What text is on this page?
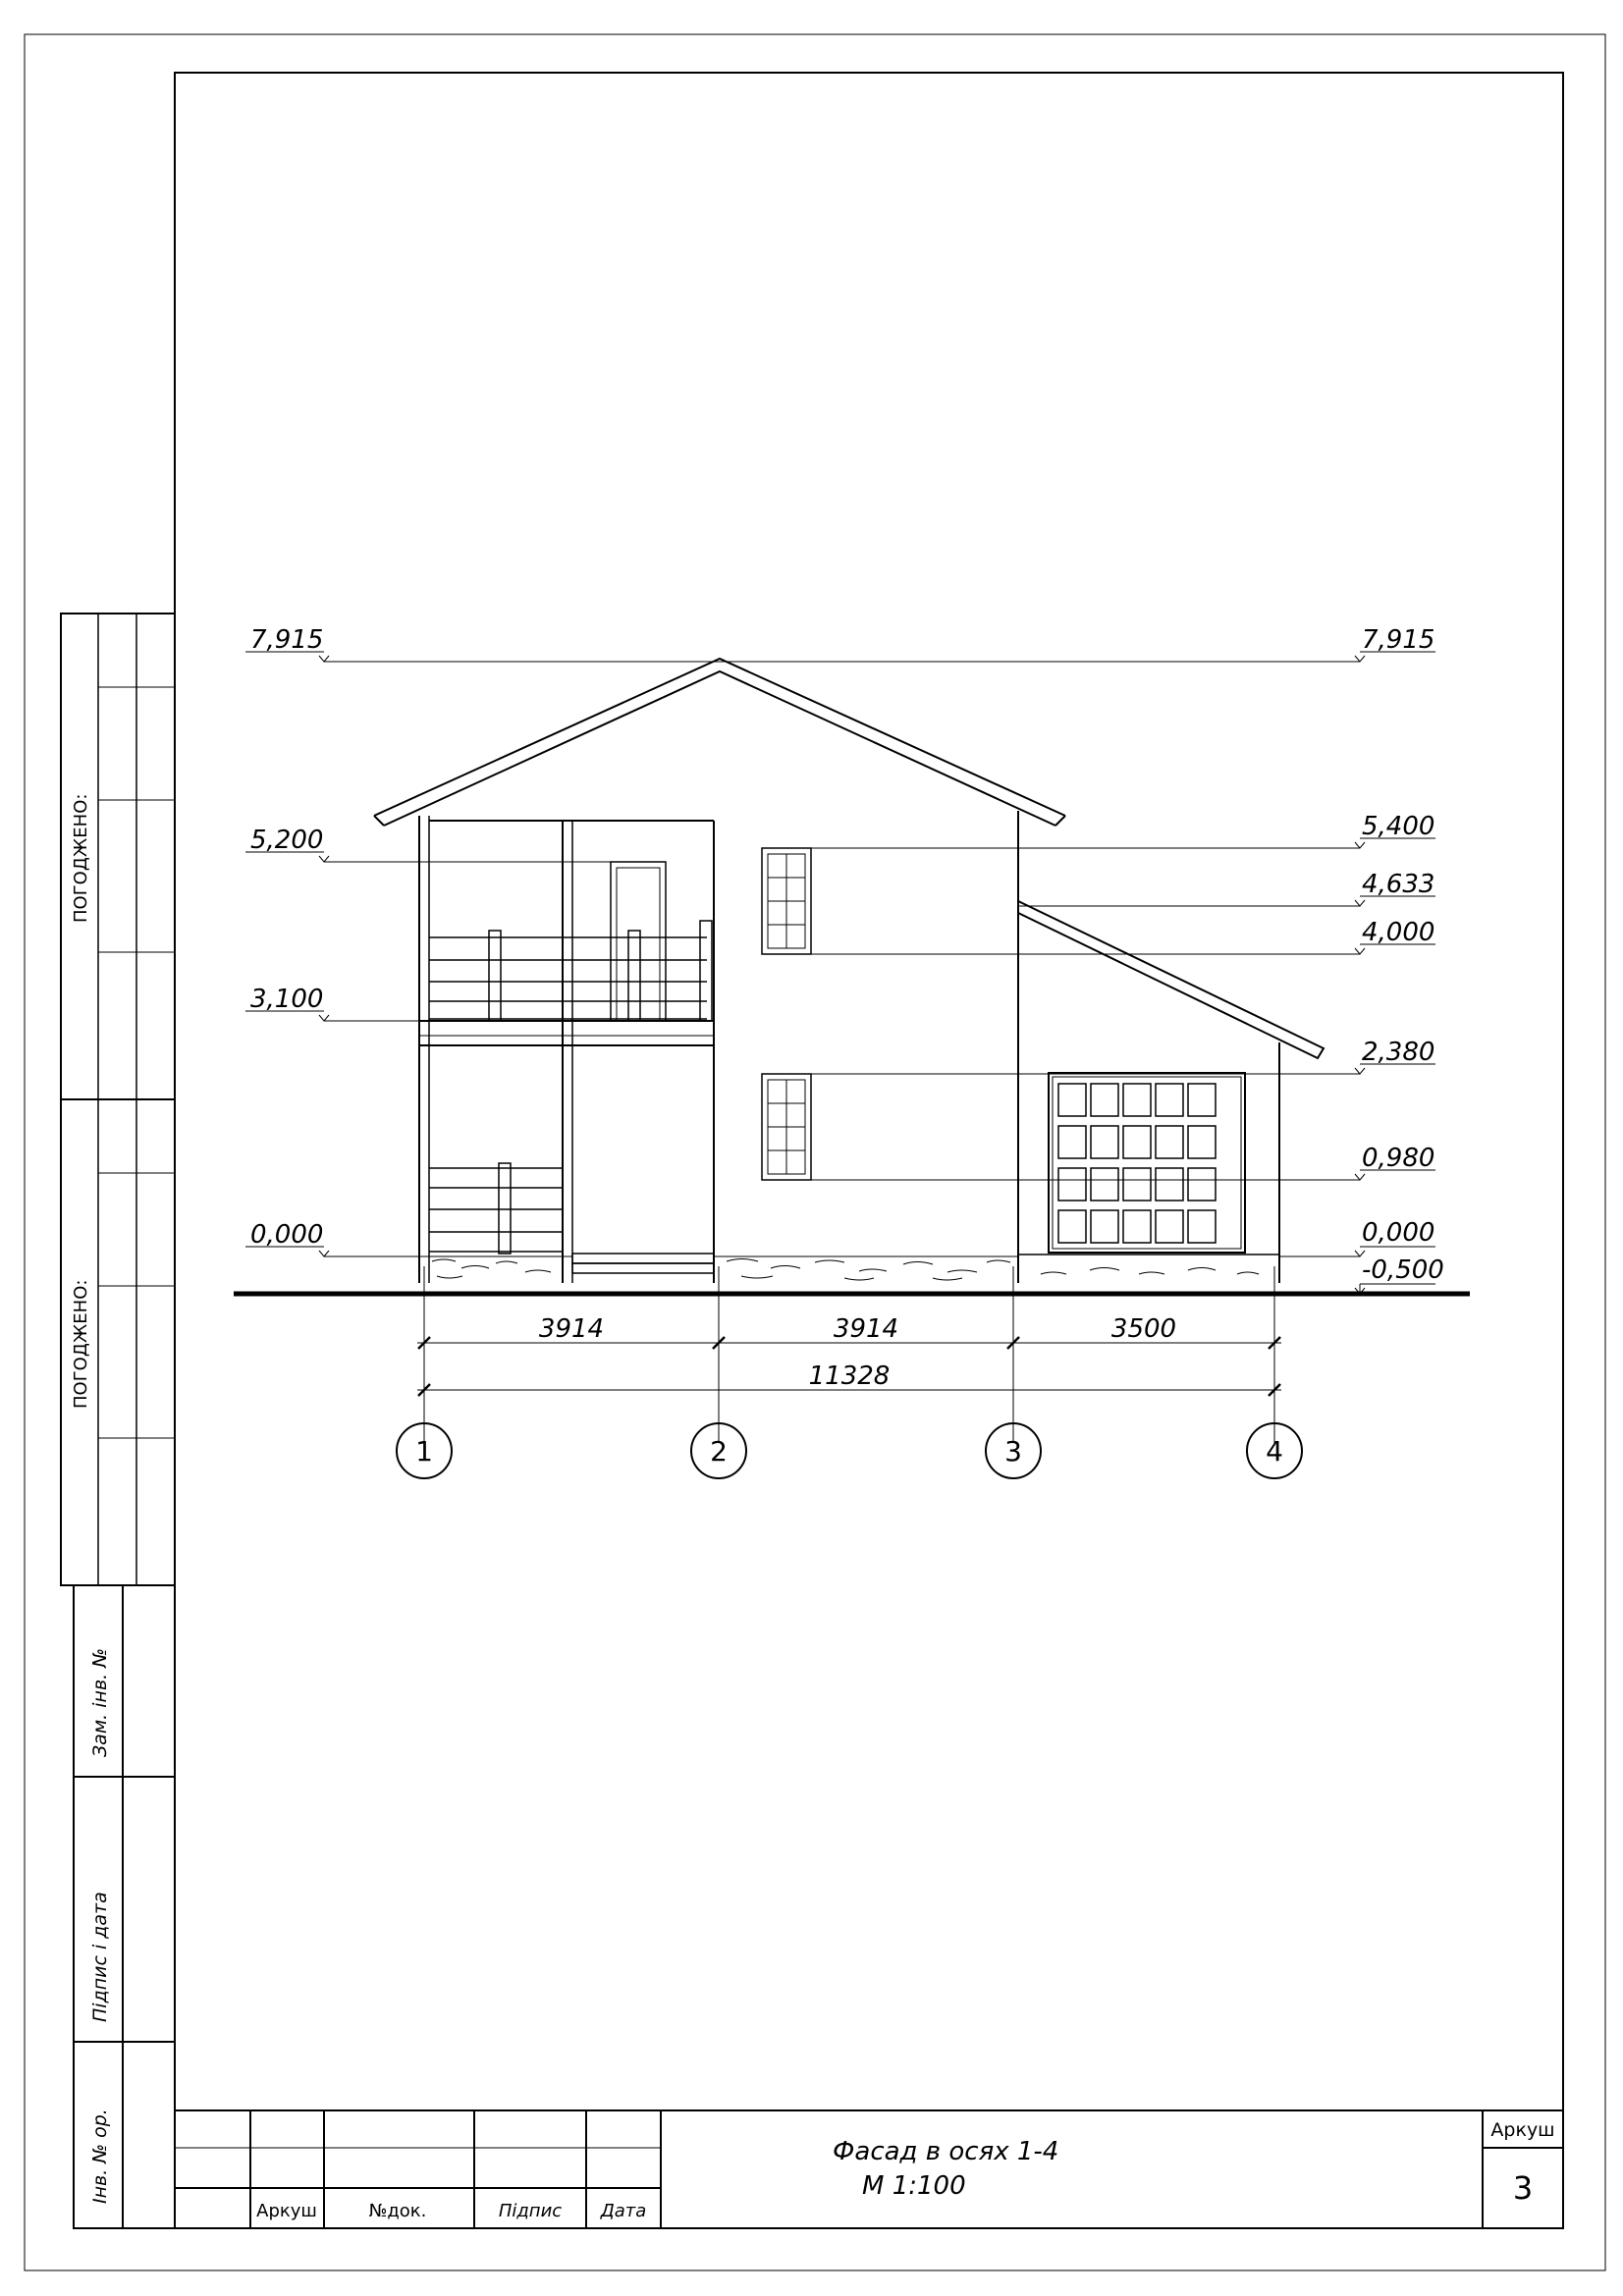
ПОГОДЖЕНО:
ПОГОДЖЕНО:
Зам. інв. №
Підпис і дата
Інв. № ор.
Аркуш	№док.	Підпис Дата
Фасад в осях 1-4
М 1:100
Аркуш
3
7,915
5,200
3,100
0,000
7,915
5,400
4,633
4,000
2,380
0,980
0,000
-0,500
3914	3914	3500
11328
1	2	3	4
